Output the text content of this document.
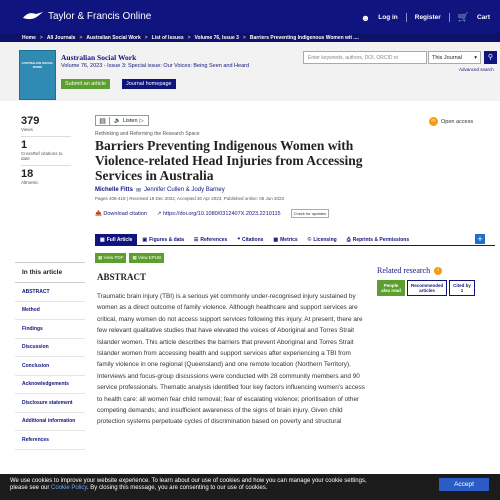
Taylor & Francis Online	☻ Log in	Register 🛒 Cart
Home > All Journals > Australian Social Work > List of Issues > Volume 76, Issue 3 > Barriers Preventing Indigenous Women wit ....
AUSTRALIAN SOCIAL WORK
Australian Social Work
Volume 76, 2023 - Issue 3: Special issue: Our Voices: Being Seen and Heard
Submit an article	Journal homepage
Enter keywords, authors, DOI, ORCID et	This Journal ▾	⚲
Advanced search
379
Views
1
CrossRef citations to date
18
Altmetric
▤	🔈 Listen ▷	∞ Open access
Rethinking and Reforming the Research Space
Barriers Preventing Indigenous Women with Violence-related Head Injuries from Accessing Services in Australia
Michelle Fitts ✉ Jennifer Cullen & Jody Barney
Pages 406-419 | Received 19 Dec 2022, Accepted 30 Apr 2023, Published online: 06 Jun 2023
📥 Download citation ↗ https://doi.org/10.1080/0312407X.2023.2210115	Check for updates
▦ Full Article ▣ Figures & data ☰ References ❝ Citations ▩ Metrics © Licensing ⎙ Reprints & Permissions	+
▦ View PDF	▦ View EPUB
In this article
ABSTRACT
Method
Findings
Discussion
Conclusion
Acknowledgements
Disclosure statement
Additional information
References
ABSTRACT
Traumatic brain injury (TBI) is a serious yet commonly under-recognised injury sustained by women as a direct outcome of family violence. Although healthcare and support services are critical, many women do not access support services following this injury. At present, there are few relevant qualitative studies that have elevated the voices of Aboriginal and Torres Strait Islander women. This article describes the barriers that prevent Aboriginal and Torres Strait Islander women from accessing health and support services after experiencing a TBI from family violence in one regional (Queensland) and one remote location (Northern Territory). Interviews and focus-group discussions were conducted with 28 community members and 90 service professionals. Thematic analysis identified four key factors influencing women's access to health care: all women fear child removal; fear of escalating violence; prioritisation of other competing demands; and insufficient awareness of the signs of brain injury. Given child protection systems perpetuate cycles of discrimination based on poverty and structural
Related research	i
People also read
Recommended articles
Cited by 1
We use cookies to improve your website experience. To learn about our use of cookies and how you can manage your cookie settings,
please see our Cookie Policy. By closing this message, you are consenting to our use of cookies.	Accept
